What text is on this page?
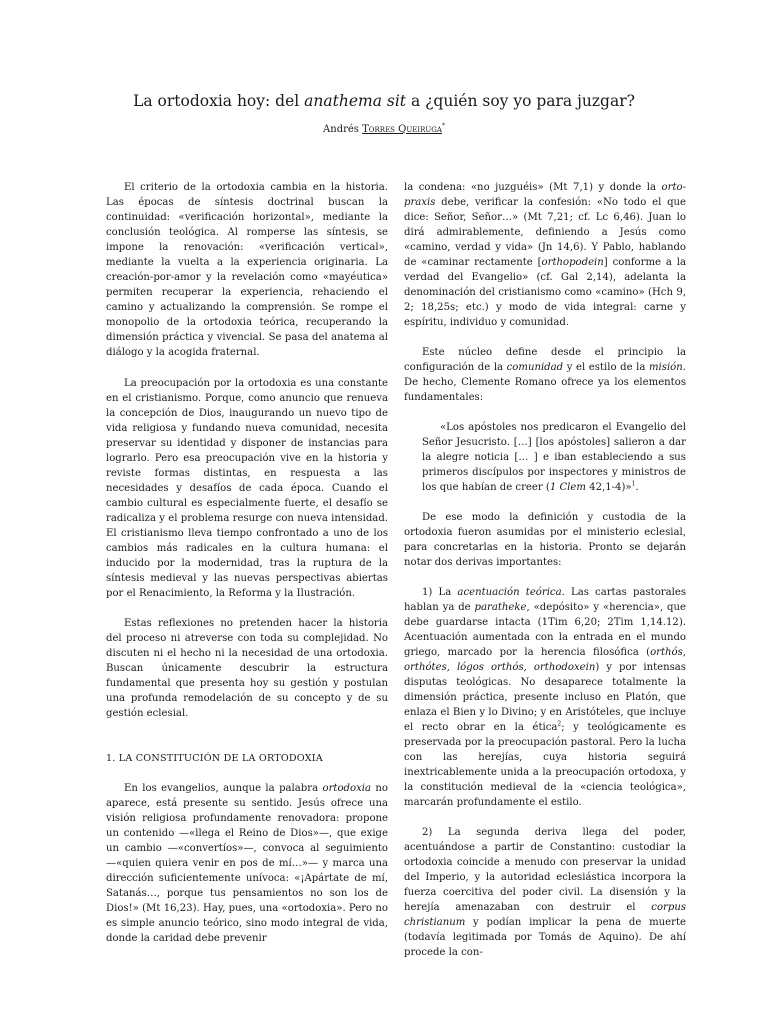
La ortodoxia hoy: del anathema sit a ¿quién soy yo para juzgar?
Andrés Torres Queiruga*

El criterio de la ortodoxia cambia en la historia. Las épocas de síntesis doctrinal buscan la continuidad: «verificación horizontal», mediante la conclusión teológica. Al romperse las síntesis, se impone la renovación: «verificación vertical», mediante la vuelta a la experiencia originaria. La creación-por-amor y la revelación como «mayéutica» permiten recuperar la experiencia, rehaciendo el camino y actualizando la comprensión. Se rompe el monopolio de la ortodoxia teórica, recuperando la dimensión práctica y vivencial. Se pasa del anatema al diálogo y la acogida fraternal.

La preocupación por la ortodoxia es una constante en el cristianismo. Porque, como anuncio que renueva la concepción de Dios, inaugurando un nuevo tipo de vida religiosa y fundando nueva comunidad, necesita preservar su identidad y disponer de instancias para lograrlo. Pero esa preocupación vive en la historia y reviste formas distintas, en respuesta a las necesidades y desafíos de cada época. Cuando el cambio cultural es especialmente fuerte, el desafío se radicaliza y el problema resurge con nueva intensidad. El cristianismo lleva tiempo confrontado a uno de los cambios más radicales en la cultura humana: el inducido por la modernidad, tras la ruptura de la síntesis medieval y las nuevas perspectivas abiertas por el Renacimiento, la Reforma y la Ilustración.

Estas reflexiones no pretenden hacer la historia del proceso ni atreverse con toda su complejidad. No discuten ni el hecho ni la necesidad de una ortodoxia. Buscan únicamente descubrir la estructura fundamental que presenta hoy su gestión y postulan una profunda remodelación de su concepto y de su gestión eclesial.

1. LA CONSTITUCIÓN DE LA ORTODOXIA

En los evangelios, aunque la palabra ortodoxia no aparece, está presente su sentido. Jesús ofrece una visión religiosa profundamente renovadora: propone un contenido —«llega el Reino de Dios»—, que exige un cambio —«convertíos»—, convoca al seguimiento —«quien quiera venir en pos de mí…»— y marca una dirección suficientemente unívoca: «¡Apártate de mí, Satanás…, porque tus pensamientos no son los de Dios!» (Mt 16,23). Hay, pues, una «ortodoxia». Pero no es simple anuncio teórico, sino modo integral de vida, donde la caridad debe prevenir

la condena: «no juzguéis» (Mt 7,1) y donde la orto-praxis debe, verificar la confesión: «No todo el que dice: Señor, Señor…» (Mt 7,21; cf. Lc 6,46). Juan lo dirá admirablemente, definiendo a Jesús como «camino, verdad y vida» (Jn 14,6). Y Pablo, hablando de «caminar rectamente [orthopodein] conforme a la verdad del Evangelio» (cf. Gal 2,14), adelanta la denominación del cristianismo como «camino» (Hch 9, 2; 18,25s; etc.) y modo de vida integral: carne y espíritu, individuo y comunidad.

Este núcleo define desde el principio la configuración de la comunidad y el estilo de la misión. De hecho, Clemente Romano ofrece ya los elementos fundamentales:

«Los apóstoles nos predicaron el Evangelio del Señor Jesucristo. […] [los apóstoles] salieron a dar la alegre noticia [… ] e iban estableciendo a sus primeros discípulos por inspectores y ministros de los que habían de creer (1 Clem 42,1-4)»$^1$.

De ese modo la definición y custodia de la ortodoxia fueron asumidas por el ministerio eclesial, para concretarlas en la historia. Pronto se dejarán notar dos derivas importantes:

1) La acentuación teórica. Las cartas pastorales hablan ya de paratheke, «depósito» y «herencia», que debe guardarse intacta (1Tim 6,20; 2Tim 1,14.12). Acentuación aumentada con la entrada en el mundo griego, marcado por la herencia filosófica (orthós, orthótes, lógos orthós, orthodoxein) y por intensas disputas teológicas. No desaparece totalmente la dimensión práctica, presente incluso en Platón, que enlaza el Bien y lo Divino; y en Aristóteles, que incluye el recto obrar en la ética$^2$; y teológicamente es preservada por la preocupación pastoral. Pero la lucha con las herejías, cuya historia seguirá inextricablemente unida a la preocupación ortodoxa, y la constitución medieval de la «ciencia teológica», marcarán profundamente el estilo.

2) La segunda deriva llega del poder, acentuándose a partir de Constantino: custodiar la ortodoxia coincide a menudo con preservar la unidad del Imperio, y la autoridad eclesiástica incorpora la fuerza coercitiva del poder civil. La disensión y la herejía amenazaban con destruir el corpus christianum y podían implicar la pena de muerte (todavía legitimada por Tomás de Aquino). De ahí procede la con-
